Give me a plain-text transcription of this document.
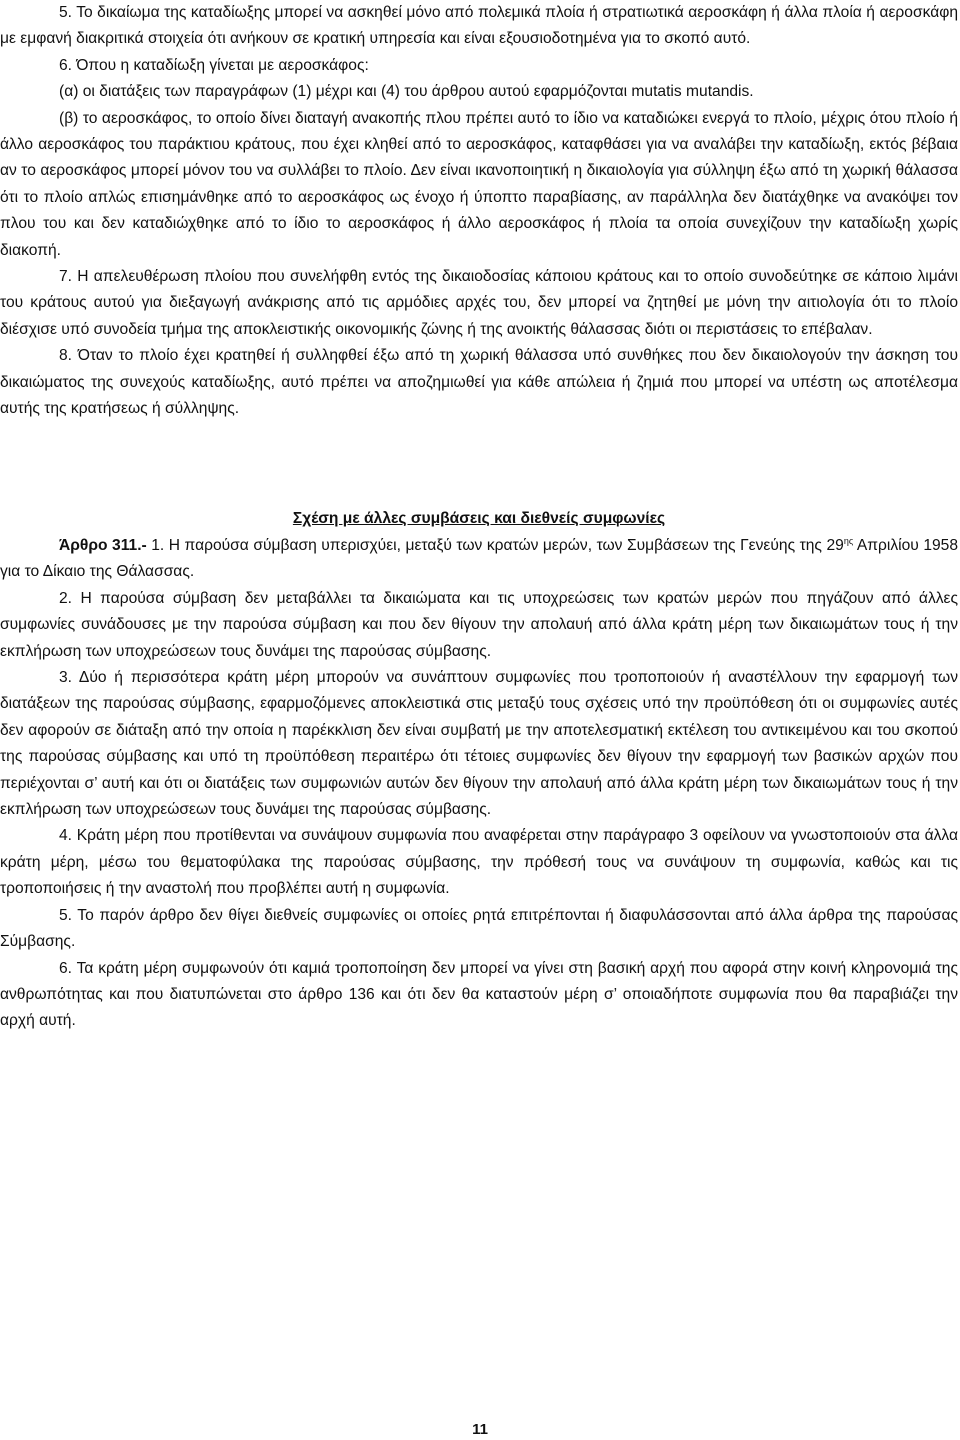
5. Το δικαίωμα της καταδίωξης μπορεί να ασκηθεί μόνο από πολεμικά πλοία ή στρατιωτικά αεροσκάφη ή άλλα πλοία ή αεροσκάφη με εμφανή διακριτικά στοιχεία ότι ανήκουν σε κρατική υπηρεσία και είναι εξουσιοδοτημένα για το σκοπό αυτό.

6. Όπου η καταδίωξη γίνεται με αεροσκάφος:

(α) οι διατάξεις των παραγράφων (1) μέχρι και (4) του άρθρου αυτού εφαρμόζονται mutatis mutandis.

(β) το αεροσκάφος, το οποίο δίνει διαταγή ανακοπής πλου πρέπει αυτό το ίδιο να καταδιώκει ενεργά το πλοίο, μέχρις ότου πλοίο ή άλλο αεροσκάφος του παράκτιου κράτους, που έχει κληθεί από το αεροσκάφος, καταφθάσει για να αναλάβει την καταδίωξη, εκτός βέβαια αν το αεροσκάφος μπορεί μόνον του να συλλάβει το πλοίο. Δεν είναι ικανοποιητική η δικαιολογία για σύλληψη έξω από τη χωρική θάλασσα ότι το πλοίο απλώς επισημάνθηκε από το αεροσκάφος ως ένοχο ή ύποπτο παραβίασης, αν παράλληλα δεν διατάχθηκε να ανακόψει τον πλου του και δεν καταδιώχθηκε από το ίδιο το αεροσκάφος ή άλλο αεροσκάφος ή πλοία τα οποία συνεχίζουν την καταδίωξη χωρίς διακοπή.

7. Η απελευθέρωση πλοίου που συνελήφθη εντός της δικαιοδοσίας κάποιου κράτους και το οποίο συνοδεύτηκε σε κάποιο λιμάνι του κράτους αυτού για διεξαγωγή ανάκρισης από τις αρμόδιες αρχές του, δεν μπορεί να ζητηθεί με μόνη την αιτιολογία ότι το πλοίο διέσχισε υπό συνοδεία τμήμα της αποκλειστικής οικονομικής ζώνης ή της ανοικτής θάλασσας διότι οι περιστάσεις το επέβαλαν.

8. Όταν το πλοίο έχει κρατηθεί ή συλληφθεί έξω από τη χωρική θάλασσα υπό συνθήκες που δεν δικαιολογούν την άσκηση του δικαιώματος της συνεχούς καταδίωξης, αυτό πρέπει να αποζημιωθεί για κάθε απώλεια ή ζημιά που μπορεί να υπέστη ως αποτέλεσμα αυτής της κρατήσεως ή σύλληψης.

Σχέση με άλλες συμβάσεις και διεθνείς συμφωνίες

Άρθρο 311.- 1. Η παρούσα σύμβαση υπερισχύει, μεταξύ των κρατών μερών, των Συμβάσεων της Γενεύης της $29^{\eta\varsigma}$ Απριλίου 1958 για το Δίκαιο της Θάλασσας.

2. Η παρούσα σύμβαση δεν μεταβάλλει τα δικαιώματα και τις υποχρεώσεις των κρατών μερών που πηγάζουν από άλλες συμφωνίες συνάδουσες με την παρούσα σύμβαση και που δεν θίγουν την απολαυή από άλλα κράτη μέρη των δικαιωμάτων τους ή την εκπλήρωση των υποχρεώσεων τους δυνάμει της παρούσας σύμβασης.

3. Δύο ή περισσότερα κράτη μέρη μπορούν να συνάπτουν συμφωνίες που τροποποιούν ή αναστέλλουν την εφαρμογή των διατάξεων της παρούσας σύμβασης, εφαρμοζόμενες αποκλειστικά στις μεταξύ τους σχέσεις υπό την προϋπόθεση ότι οι συμφωνίες αυτές δεν αφορούν σε διάταξη από την οποία η παρέκκλιση δεν είναι συμβατή με την αποτελεσματική εκτέλεση του αντικειμένου και του σκοπού της παρούσας σύμβασης και υπό τη προϋπόθεση περαιτέρω ότι τέτοιες συμφωνίες δεν θίγουν την εφαρμογή των βασικών αρχών που περιέχονται σ’ αυτή και ότι οι διατάξεις των συμφωνιών αυτών δεν θίγουν την απολαυή από άλλα κράτη μέρη των δικαιωμάτων τους ή την εκπλήρωση των υποχρεώσεων τους δυνάμει της παρούσας σύμβασης.

4. Κράτη μέρη που προτίθενται να συνάψουν συμφωνία που αναφέρεται στην παράγραφο 3 οφείλουν να γνωστοποιούν στα άλλα κράτη μέρη, μέσω του θεματοφύλακα της παρούσας σύμβασης, την πρόθεσή τους να συνάψουν τη συμφωνία, καθώς και τις τροποποιήσεις ή την αναστολή που προβλέπει αυτή η συμφωνία.

5. Το παρόν άρθρο δεν θίγει διεθνείς συμφωνίες οι οποίες ρητά επιτρέπονται ή διαφυλάσσονται από άλλα άρθρα της παρούσας Σύμβασης.

6. Τα κράτη μέρη συμφωνούν ότι καμιά τροποποίηση δεν μπορεί να γίνει στη βασική αρχή που αφορά στην κοινή κληρονομιά της ανθρωπότητας και που διατυπώνεται στο άρθρο 136 και ότι δεν θα καταστούν μέρη σ’ οποιαδήποτε συμφωνία που θα παραβιάζει την αρχή αυτή.

11
